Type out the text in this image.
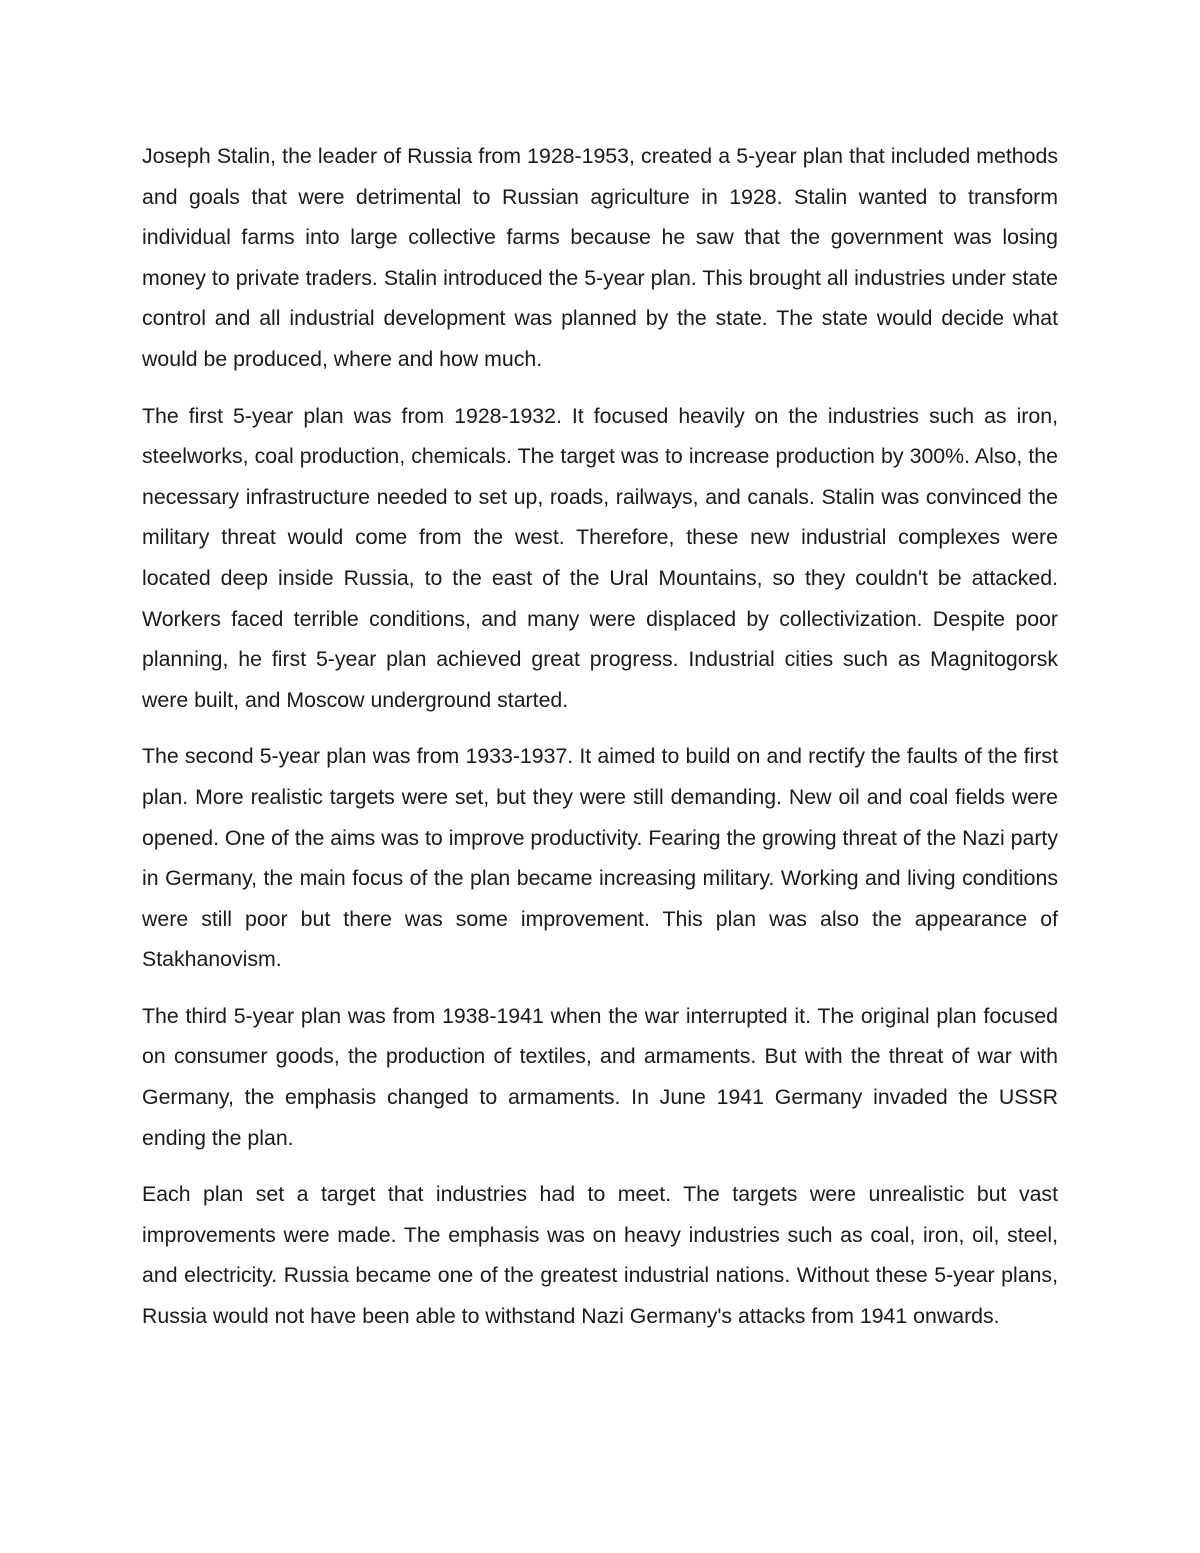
Joseph Stalin, the leader of Russia from 1928-1953, created a 5-year plan that included methods and goals that were detrimental to Russian agriculture in 1928. Stalin wanted to transform individual farms into large collective farms because he saw that the government was losing money to private traders. Stalin introduced the 5-year plan. This brought all industries under state control and all industrial development was planned by the state. The state would decide what would be produced, where and how much.

The first 5-year plan was from 1928-1932. It focused heavily on the industries such as iron, steelworks, coal production, chemicals. The target was to increase production by 300%. Also, the necessary infrastructure needed to set up, roads, railways, and canals. Stalin was convinced the military threat would come from the west. Therefore, these new industrial complexes were located deep inside Russia, to the east of the Ural Mountains, so they couldn't be attacked. Workers faced terrible conditions, and many were displaced by collectivization. Despite poor planning, he first 5-year plan achieved great progress. Industrial cities such as Magnitogorsk were built, and Moscow underground started.

The second 5-year plan was from 1933-1937. It aimed to build on and rectify the faults of the first plan. More realistic targets were set, but they were still demanding. New oil and coal fields were opened. One of the aims was to improve productivity. Fearing the growing threat of the Nazi party in Germany, the main focus of the plan became increasing military. Working and living conditions were still poor but there was some improvement. This plan was also the appearance of Stakhanovism.

The third 5-year plan was from 1938-1941 when the war interrupted it. The original plan focused on consumer goods, the production of textiles, and armaments. But with the threat of war with Germany, the emphasis changed to armaments. In June 1941 Germany invaded the USSR ending the plan.

Each plan set a target that industries had to meet. The targets were unrealistic but vast improvements were made. The emphasis was on heavy industries such as coal, iron, oil, steel, and electricity. Russia became one of the greatest industrial nations. Without these 5-year plans, Russia would not have been able to withstand Nazi Germany's attacks from 1941 onwards.
